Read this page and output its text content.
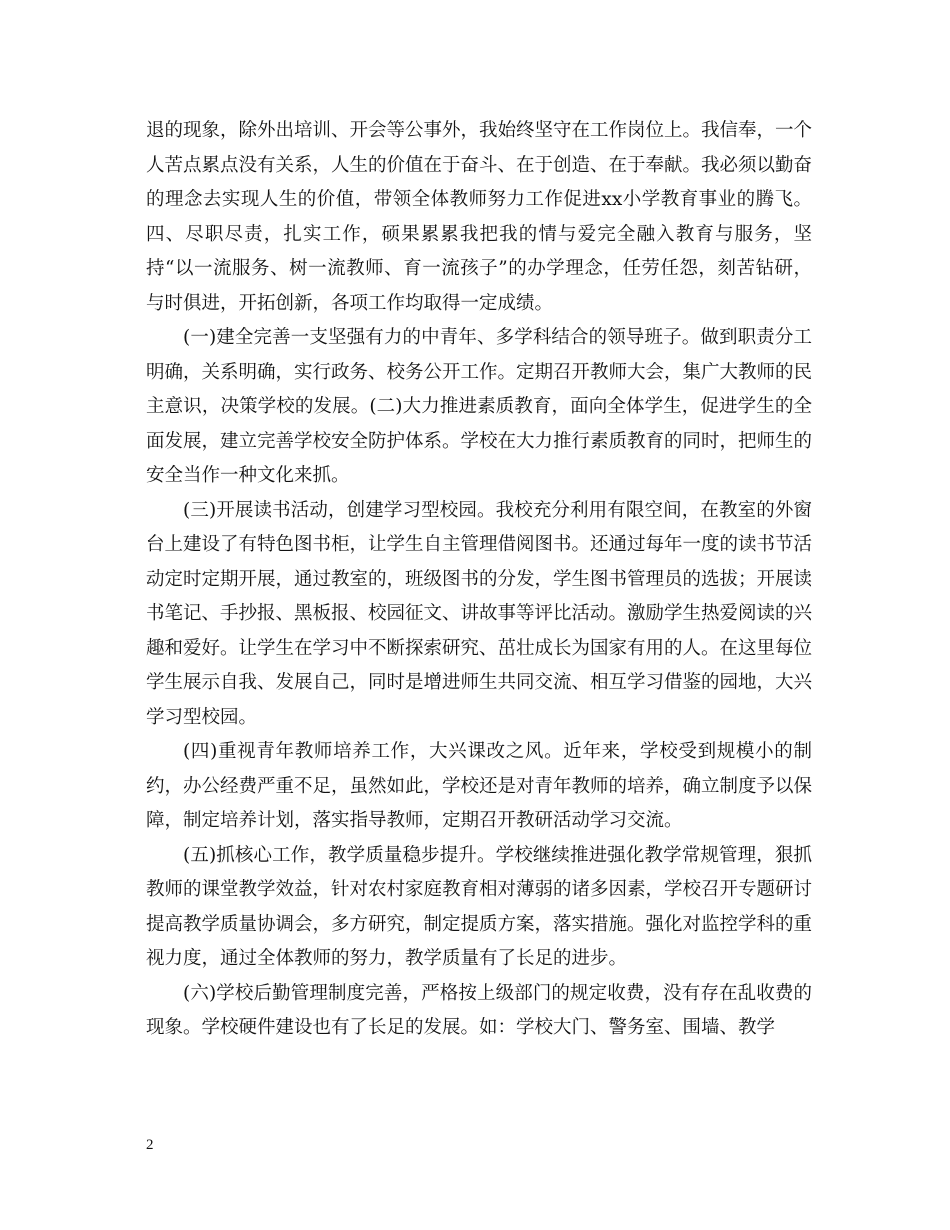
退的现象，除外出培训、开会等公事外，我始终坚守在工作岗位上。我信奉，一个人苦点累点没有关系，人生的价值在于奋斗、在于创造、在于奉献。我必须以勤奋的理念去实现人生的价值，带领全体教师努力工作促进xx小学教育事业的腾飞。四、尽职尽责，扎实工作，硕果累累我把我的情与爱完全融入教育与服务，坚持“以一流服务、树一流教师、育一流孩子”的办学理念，任劳任怨，刻苦钻研，与时俱进，开拓创新，各项工作均取得一定成绩。

(一)建全完善一支坚强有力的中青年、多学科结合的领导班子。做到职责分工明确，关系明确，实行政务、校务公开工作。定期召开教师大会，集广大教师的民主意识，决策学校的发展。(二)大力推进素质教育，面向全体学生，促进学生的全面发展，建立完善学校安全防护体系。学校在大力推行素质教育的同时，把师生的安全当作一种文化来抓。

(三)开展读书活动，创建学习型校园。我校充分利用有限空间，在教室的外窗台上建设了有特色图书柜，让学生自主管理借阅图书。还通过每年一度的读书节活动定时定期开展，通过教室的，班级图书的分发，学生图书管理员的选拔；开展读书笔记、手抄报、黑板报、校园征文、讲故事等评比活动。激励学生热爱阅读的兴趣和爱好。让学生在学习中不断探索研究、茁壮成长为国家有用的人。在这里每位学生展示自我、发展自己，同时是增进师生共同交流、相互学习借鉴的园地，大兴学习型校园。

(四)重视青年教师培养工作，大兴课改之风。近年来，学校受到规模小的制约，办公经费严重不足，虽然如此，学校还是对青年教师的培养，确立制度予以保障，制定培养计划，落实指导教师，定期召开教研活动学习交流。

(五)抓核心工作，教学质量稳步提升。学校继续推进强化教学常规管理，狠抓教师的课堂教学效益，针对农村家庭教育相对薄弱的诸多因素，学校召开专题研讨提高教学质量协调会，多方研究，制定提质方案，落实措施。强化对监控学科的重视力度，通过全体教师的努力，教学质量有了长足的进步。

(六)学校后勤管理制度完善，严格按上级部门的规定收费，没有存在乱收费的现象。学校硬件建设也有了长足的发展。如：学校大门、警务室、围墙、教学

2
